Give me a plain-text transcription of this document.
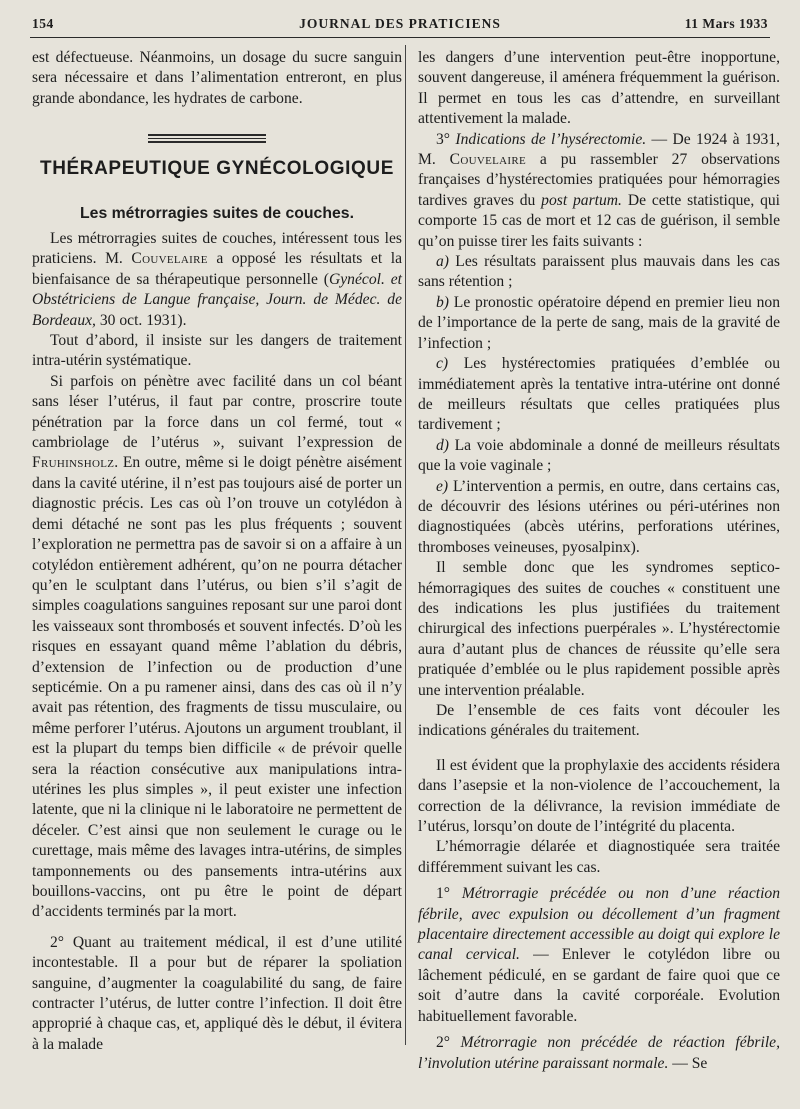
154	JOURNAL DES PRATICIENS	11 Mars 1933

est défectueuse. Néanmoins, un dosage du sucre sanguin sera nécessaire et dans l’alimentation entreront, en plus grande abondance, les hydrates de carbone.

THÉRAPEUTIQUE GYNÉCOLOGIQUE
Les métrorragies suites de couches.

Les métrorragies suites de couches, intéressent tous les praticiens. M. Couvelaire a opposé les résultats et la bienfaisance de sa thérapeutique personnelle (Gynécol. et Obstétriciens de Langue française, Journ. de Médec. de Bordeaux, 30 oct. 1931).

Tout d’abord, il insiste sur les dangers de traitement intra-utérin systématique.

Si parfois on pénètre avec facilité dans un col béant sans léser l’utérus, il faut par contre, proscrire toute pénétration par la force dans un col fermé, tout « cambriolage de l’utérus », suivant l’expression de Fruhinsholz. En outre, même si le doigt pénètre aisément dans la cavité utérine, il n’est pas toujours aisé de porter un diagnostic précis. Les cas où l’on trouve un cotylédon à demi détaché ne sont pas les plus fréquents ; souvent l’exploration ne permettra pas de savoir si on a affaire à un cotylédon entièrement adhérent, qu’on ne pourra détacher qu’en le sculptant dans l’utérus, ou bien s’il s’agit de simples coagulations sanguines reposant sur une paroi dont les vaisseaux sont thrombosés et souvent infectés. D’où les risques en essayant quand même l’ablation du débris, d’extension de l’infection ou de production d’une septicémie. On a pu ramener ainsi, dans des cas où il n’y avait pas rétention, des fragments de tissu musculaire, ou même perforer l’utérus. Ajoutons un argument troublant, il est la plupart du temps bien difficile « de prévoir quelle sera la réaction consécutive aux manipulations intra-utérines les plus simples », il peut exister une infection latente, que ni la clinique ni le laboratoire ne permettent de déceler. C’est ainsi que non seulement le curage ou le curettage, mais même des lavages intra-utérins, de simples tamponnements ou des pansements intra-utérins aux bouillons-vaccins, ont pu être le point de départ d’accidents terminés par la mort.

2° Quant au traitement médical, il est d’une utilité incontestable. Il a pour but de réparer la spoliation sanguine, d’augmenter la coagulabilité du sang, de faire contracter l’utérus, de lutter contre l’infection. Il doit être approprié à chaque cas, et, appliqué dès le début, il évitera à la malade

les dangers d’une intervention peut-être inopportune, souvent dangereuse, il aménera fréquemment la guérison. Il permet en tous les cas d’attendre, en surveillant attentivement la malade.

3° Indications de l’hysérectomie. — De 1924 à 1931, M. Couvelaire a pu rassembler 27 observations françaises d’hystérectomies pratiquées pour hémorragies tardives graves du post partum. De cette statistique, qui comporte 15 cas de mort et 12 cas de guérison, il semble qu’on puisse tirer les faits suivants :

a) Les résultats paraissent plus mauvais dans les cas sans rétention ;

b) Le pronostic opératoire dépend en premier lieu non de l’importance de la perte de sang, mais de la gravité de l’infection ;

c) Les hystérectomies pratiquées d’emblée ou immédiatement après la tentative intra-utérine ont donné de meilleurs résultats que celles pratiquées plus tardivement ;

d) La voie abdominale a donné de meilleurs résultats que la voie vaginale ;

e) L’intervention a permis, en outre, dans certains cas, de découvrir des lésions utérines ou péri-utérines non diagnostiquées (abcès utérins, perforations utérines, thromboses veineuses, pyosalpinx).

Il semble donc que les syndromes septico-hémorragiques des suites de couches « constituent une des indications les plus justifiées du traitement chirurgical des infections puerpérales ». L’hystérectomie aura d’autant plus de chances de réussite qu’elle sera pratiquée d’emblée ou le plus rapidement possible après une intervention préalable.

De l’ensemble de ces faits vont découler les indications générales du traitement.

Il est évident que la prophylaxie des accidents résidera dans l’asepsie et la non-violence de l’accouchement, la correction de la délivrance, la revision immédiate de l’utérus, lorsqu’on doute de l’intégrité du placenta.

L’hémorragie délarée et diagnostiquée sera traitée différemment suivant les cas.

1° Métrorragie précédée ou non d’une réaction fébrile, avec expulsion ou décollement d’un fragment placentaire directement accessible au doigt qui explore le canal cervical. — Enlever le cotylédon libre ou lâchement pédiculé, en se gardant de faire quoi que ce soit d’autre dans la cavité corporéale. Evolution habituellement favorable.

2° Métrorragie non précédée de réaction fébrile, l’involution utérine paraissant normale. — Se
